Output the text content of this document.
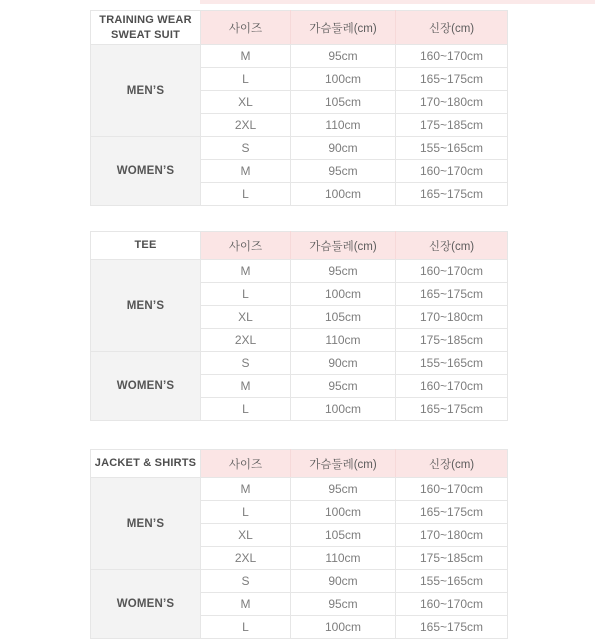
TRAINING WEAR
SWEAT SUIT	사이즈	가슴둘레(cm)	신장(cm)
MEN’S	M	95cm	160~170cm
	L	100cm	165~175cm
	XL	105cm	170~180cm
	2XL	110cm	175~185cm
WOMEN’S	S	90cm	155~165cm
	M	95cm	160~170cm
	L	100cm	165~175cm
TEE	사이즈	가슴둘레(cm)	신장(cm)
MEN’S	M	95cm	160~170cm
	L	100cm	165~175cm
	XL	105cm	170~180cm
	2XL	110cm	175~185cm
WOMEN’S	S	90cm	155~165cm
	M	95cm	160~170cm
	L	100cm	165~175cm
JACKET & SHIRTS	사이즈	가슴둘레(cm)	신장(cm)
MEN’S	M	95cm	160~170cm
	L	100cm	165~175cm
	XL	105cm	170~180cm
	2XL	110cm	175~185cm
WOMEN’S	S	90cm	155~165cm
	M	95cm	160~170cm
	L	100cm	165~175cm
